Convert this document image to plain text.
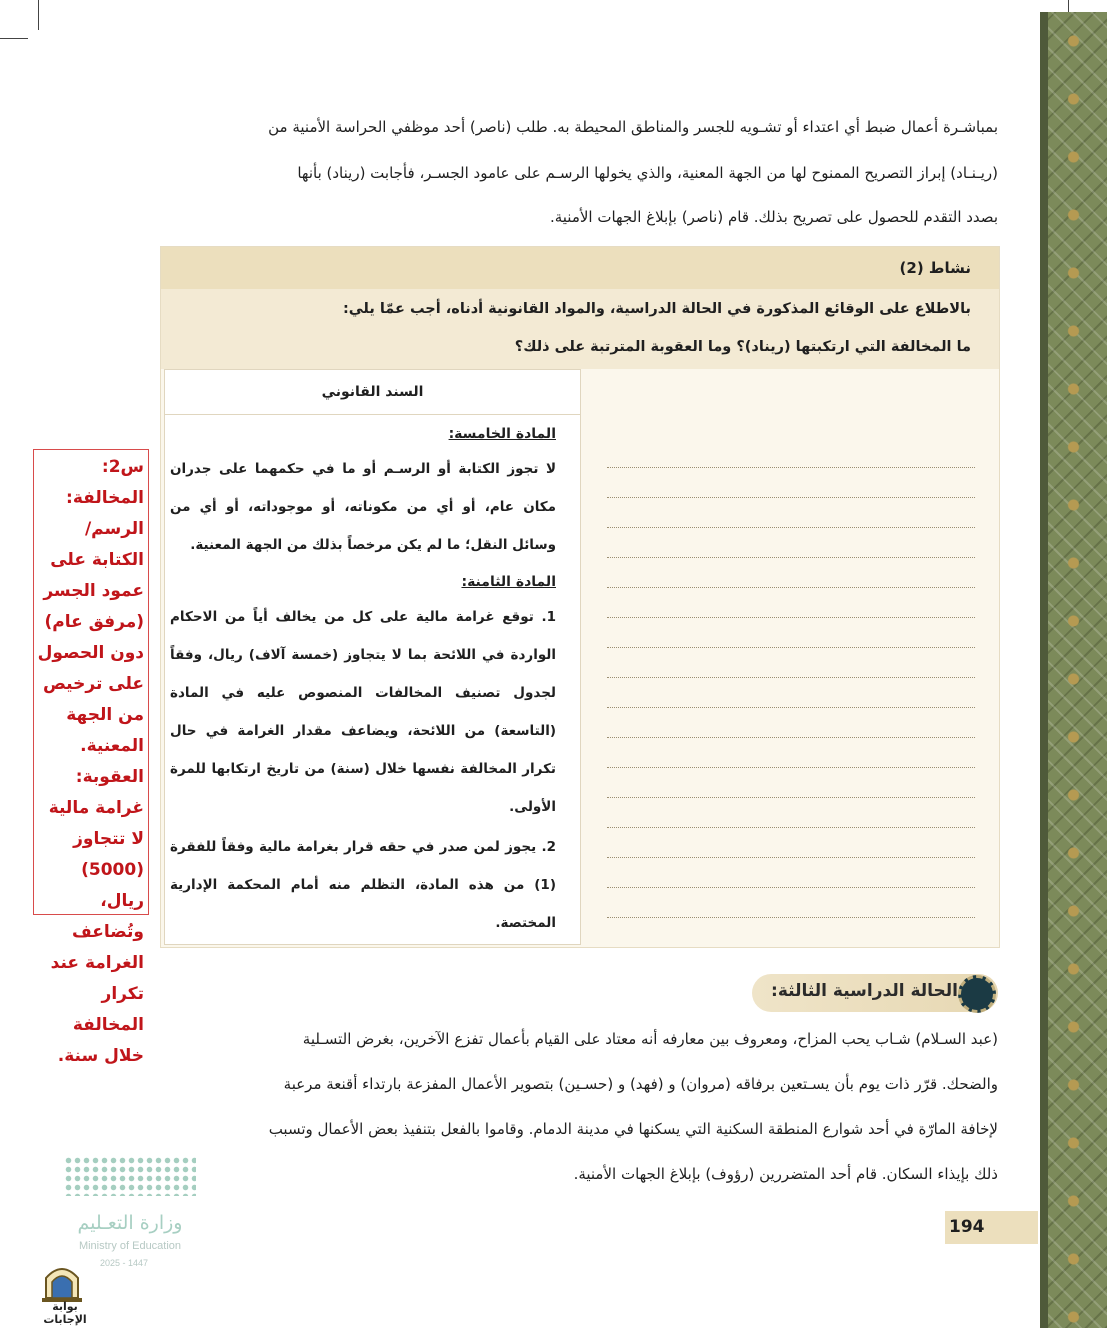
بمباشـرة أعمال ضبط أي اعتداء أو تشـويه للجسر والمناطق المحيطة به. طلب (ناصر) أحد موظفي الحراسة الأمنية من
(ريـنـاد) إبراز التصريح الممنوح لها من الجهة المعنية، والذي يخولها الرسـم على عامود الجسـر، فأجابت (ريناد) بأنها
بصدد التقدم للحصول على تصريح بذلك. قام (ناصر) بإبلاغ الجهات الأمنية.
نشاط (2)
بالاطلاع على الوقائع المذكورة في الحالة الدراسية، والمواد القانونية أدناه، أجب عمّا يلي:
ما المخالفة التي ارتكبتها (ريناد)؟ وما العقوبة المترتبة على ذلك؟
السند القانوني
المادة الخامسة:
لا تجوز الكتابة أو الرسـم أو ما في حكمهما على جدران مكان عام، أو أي من مكوناته، أو موجوداته، أو أي من وسائل النقل؛ ما لم يكن مرخصاً بذلك من الجهة المعنية.
المادة الثامنة:
1. توقع غرامة مالية على كل من يخالف أياً من الاحكام الواردة في اللائحة بما لا يتجاوز (خمسة آلاف) ريال، وفقاً لجدول تصنيف المخالفات المنصوص عليه في المادة (التاسعة) من اللائحة، ويضاعف مقدار الغرامة في حال تكرار المخالفة نفسها خلال (سنة) من تاريخ ارتكابها للمرة الأولى.
2. يجوز لمن صدر في حقه قرار بغرامة مالية وفقاً للفقرة (1) من هذه المادة، التظلم منه أمام المحكمة الإدارية المختصة.
س2: المخالفة: الرسم/الكتابة على عمود الجسر (مرفق عام) دون الحصول على ترخيص من الجهة المعنية. العقوبة: غرامة مالية لا تتجاوز (5000) ريال، وتُضاعف الغرامة عند تكرار المخالفة خلال سنة.
الحالة الدراسية الثالثة:
(عبد السـلام) شـاب يحب المزاح، ومعروف بين معارفه أنه معتاد على القيام بأعمال تفزع الآخرين، بغرض التسـلية
والضحك. قرّر ذات يوم بأن يسـتعين برفاقه (مروان) و (فهد) و (حسـين) بتصوير الأعمال المفزعة بارتداء أقنعة مرعبة
لإخافة المارّة في أحد شوارع المنطقة السكنية التي يسكنها في مدينة الدمام. وقاموا بالفعل بتنفيذ بعض الأعمال وتسبب
ذلك بإيذاء السكان. قام أحد المتضررين (رؤوف) بإبلاغ الجهات الأمنية.
194
وزارة التعـليم
Ministry of Education
2025 - 1447
بوابة الإجابات
